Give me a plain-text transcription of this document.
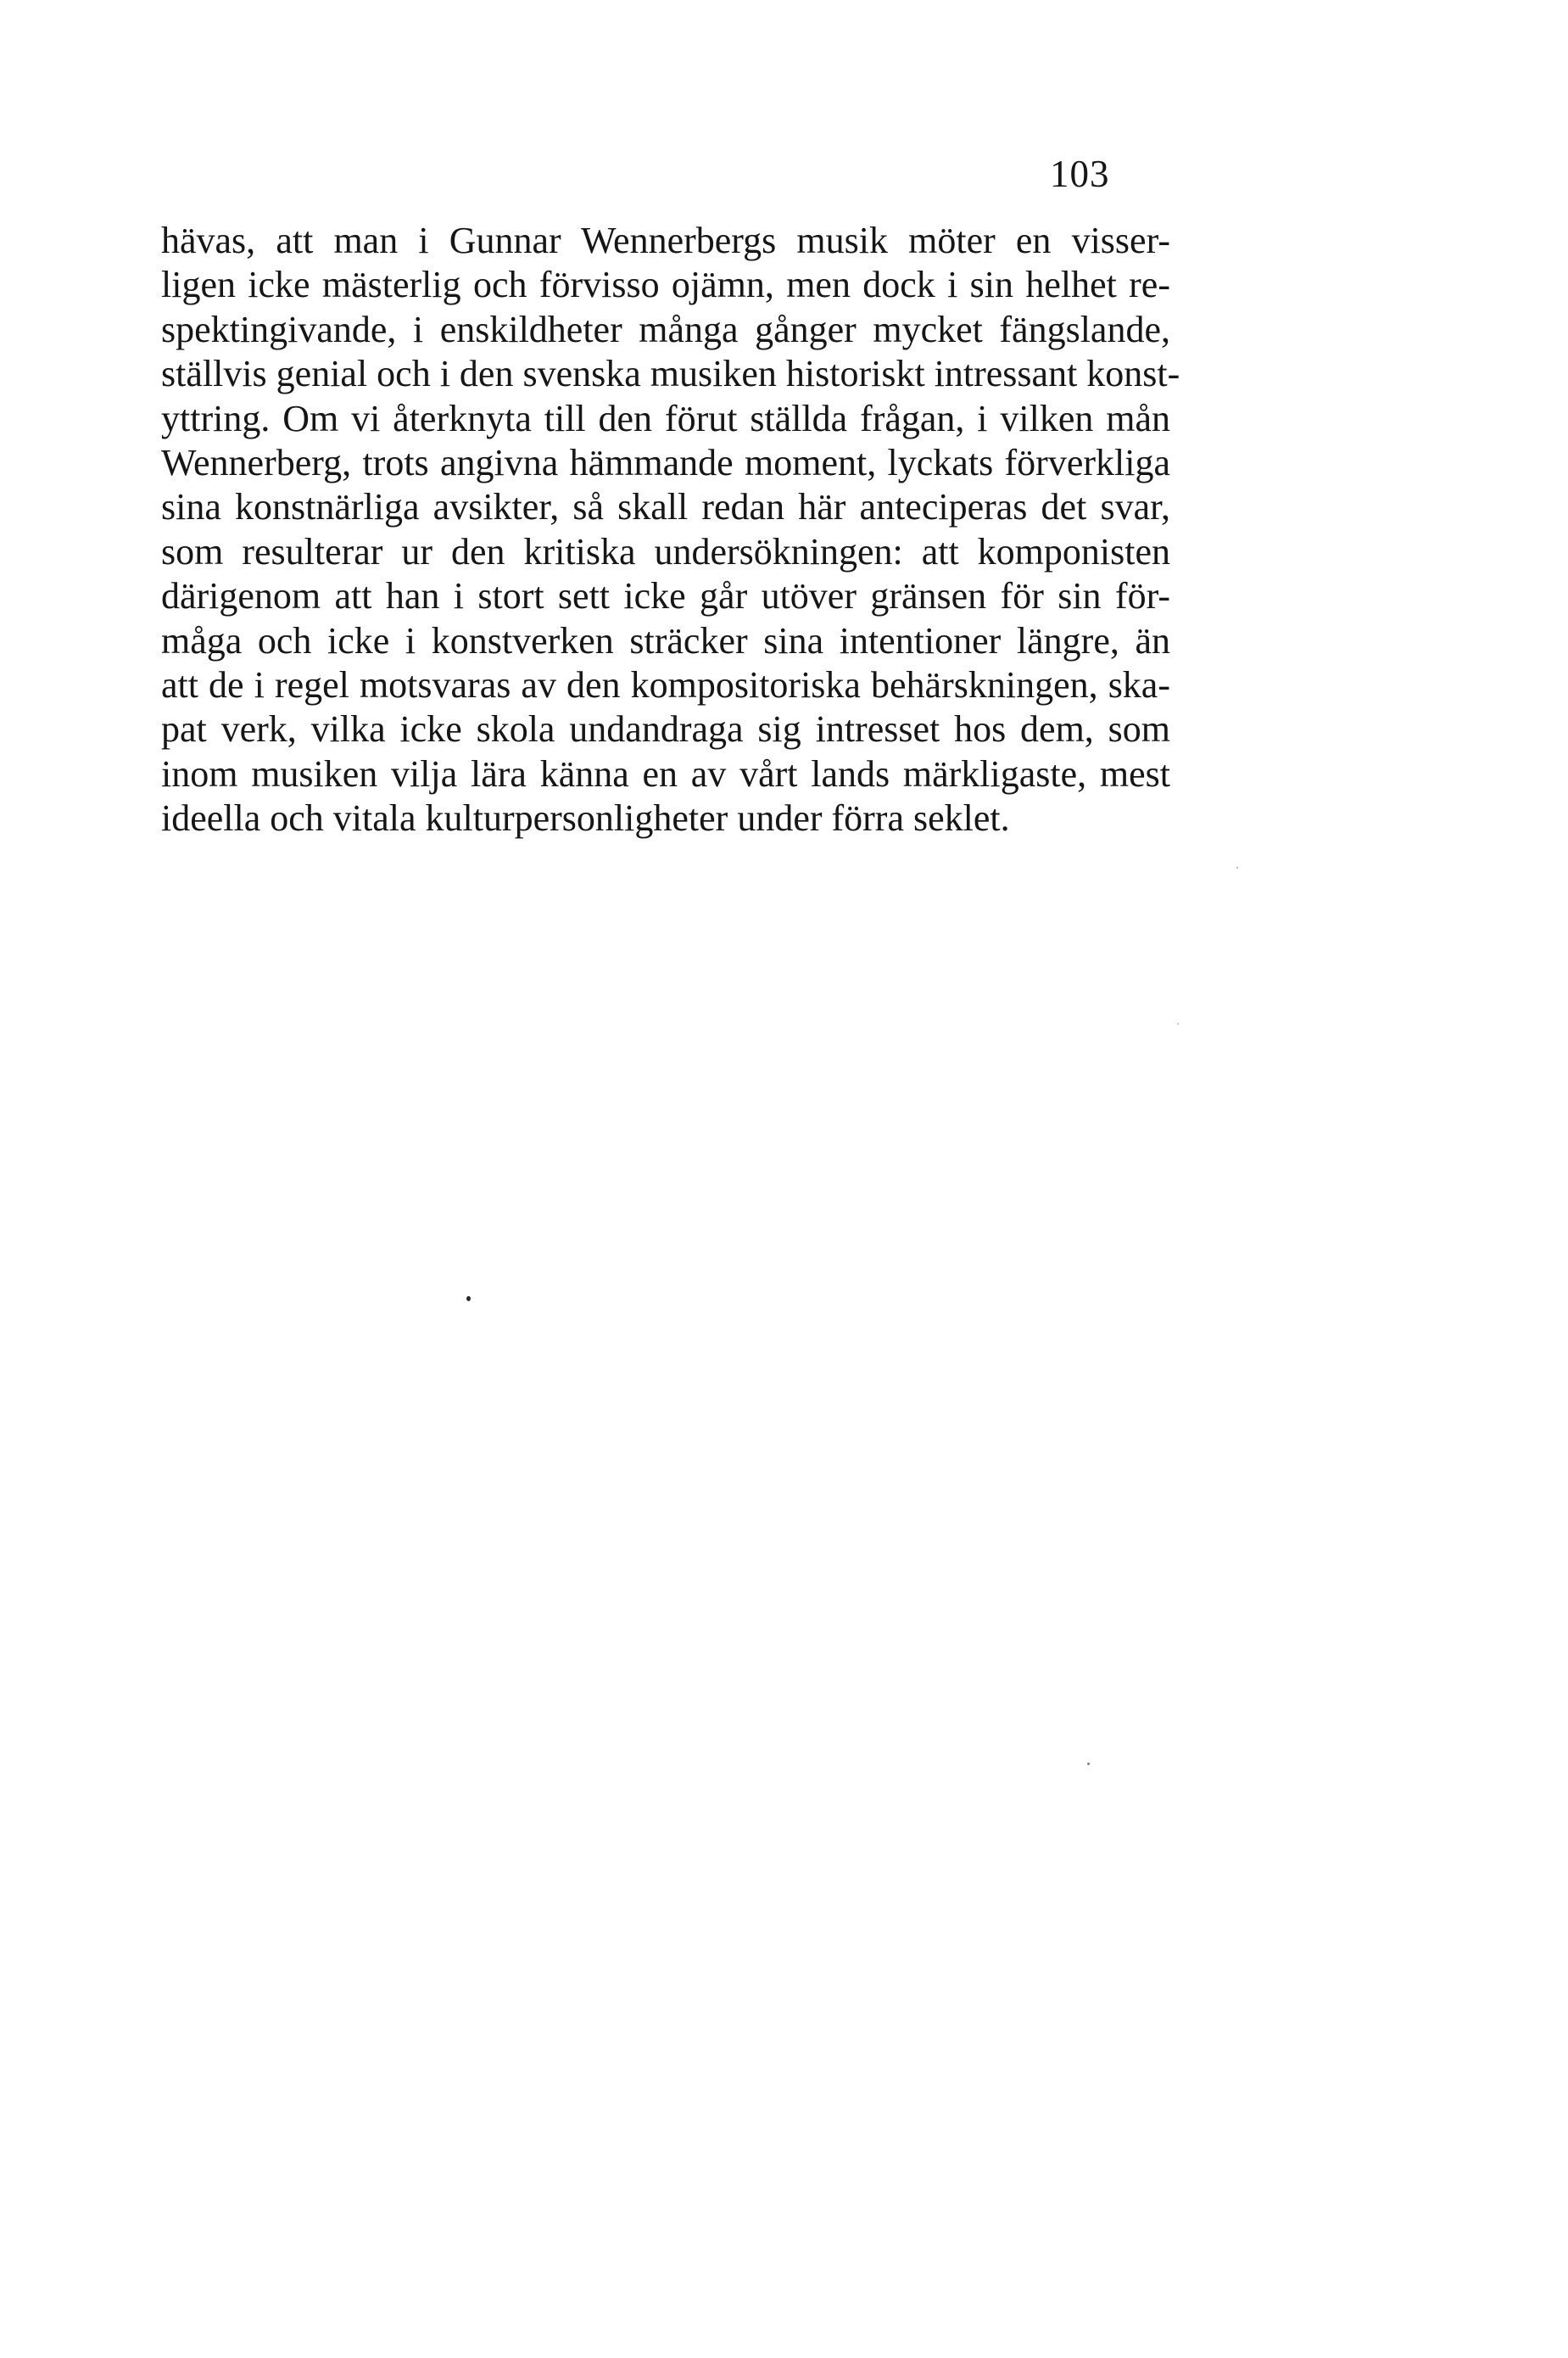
103
hävas, att man i Gunnar Wennerbergs musik möter en visser-
ligen icke mästerlig och förvisso ojämn, men dock i sin helhet re-
spektingivande, i enskildheter många gånger mycket fängslande,
ställvis genial och i den svenska musiken historiskt intressant konst-
yttring. Om vi återknyta till den förut ställda frågan, i vilken mån
Wennerberg, trots angivna hämmande moment, lyckats förverkliga
sina konstnärliga avsikter, så skall redan här anteciperas det svar,
som resulterar ur den kritiska undersökningen: att komponisten
därigenom att han i stort sett icke går utöver gränsen för sin för-
måga och icke i konstverken sträcker sina intentioner längre, än
att de i regel motsvaras av den kompositoriska behärskningen, ska-
pat verk, vilka icke skola undandraga sig intresset hos dem, som
inom musiken vilja lära känna en av vårt lands märkligaste, mest
ideella och vitala kulturpersonligheter under förra seklet.
